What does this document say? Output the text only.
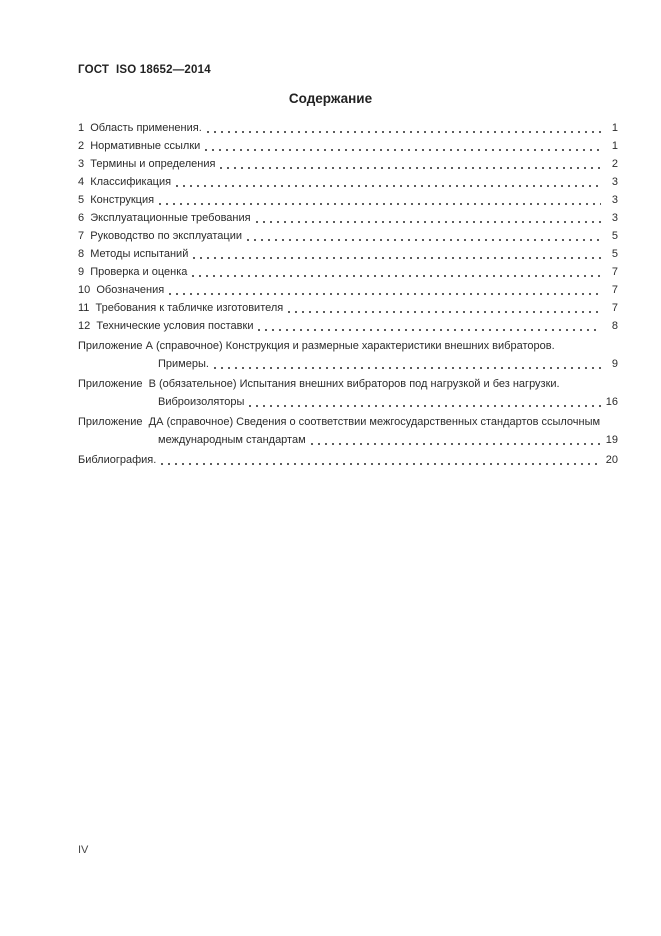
ГОСТ  ISO 18652—2014
Содержание
1  Область применения.	1
2  Нормативные ссылки	1
3  Термины и определения	2
4  Классификация	3
5  Конструкция	3
6  Эксплуатационные требования	3
7  Руководство по эксплуатации	5
8  Методы испытаний	5
9  Проверка и оценка	7
10  Обозначения	7
11  Требования к табличке изготовителя	7
12  Технические условия поставки	8
Приложение А (справочное) Конструкция и размерные характеристики внешних вибраторов.
Примеры.	9
Приложение  В (обязательное) Испытания внешних вибраторов под нагрузкой и без нагрузки.
Виброизоляторы	16
Приложение  ДА (справочное) Сведения о соответствии межгосударственных стандартов ссылочным
международным стандартам	19
Библиография.	20
IV
